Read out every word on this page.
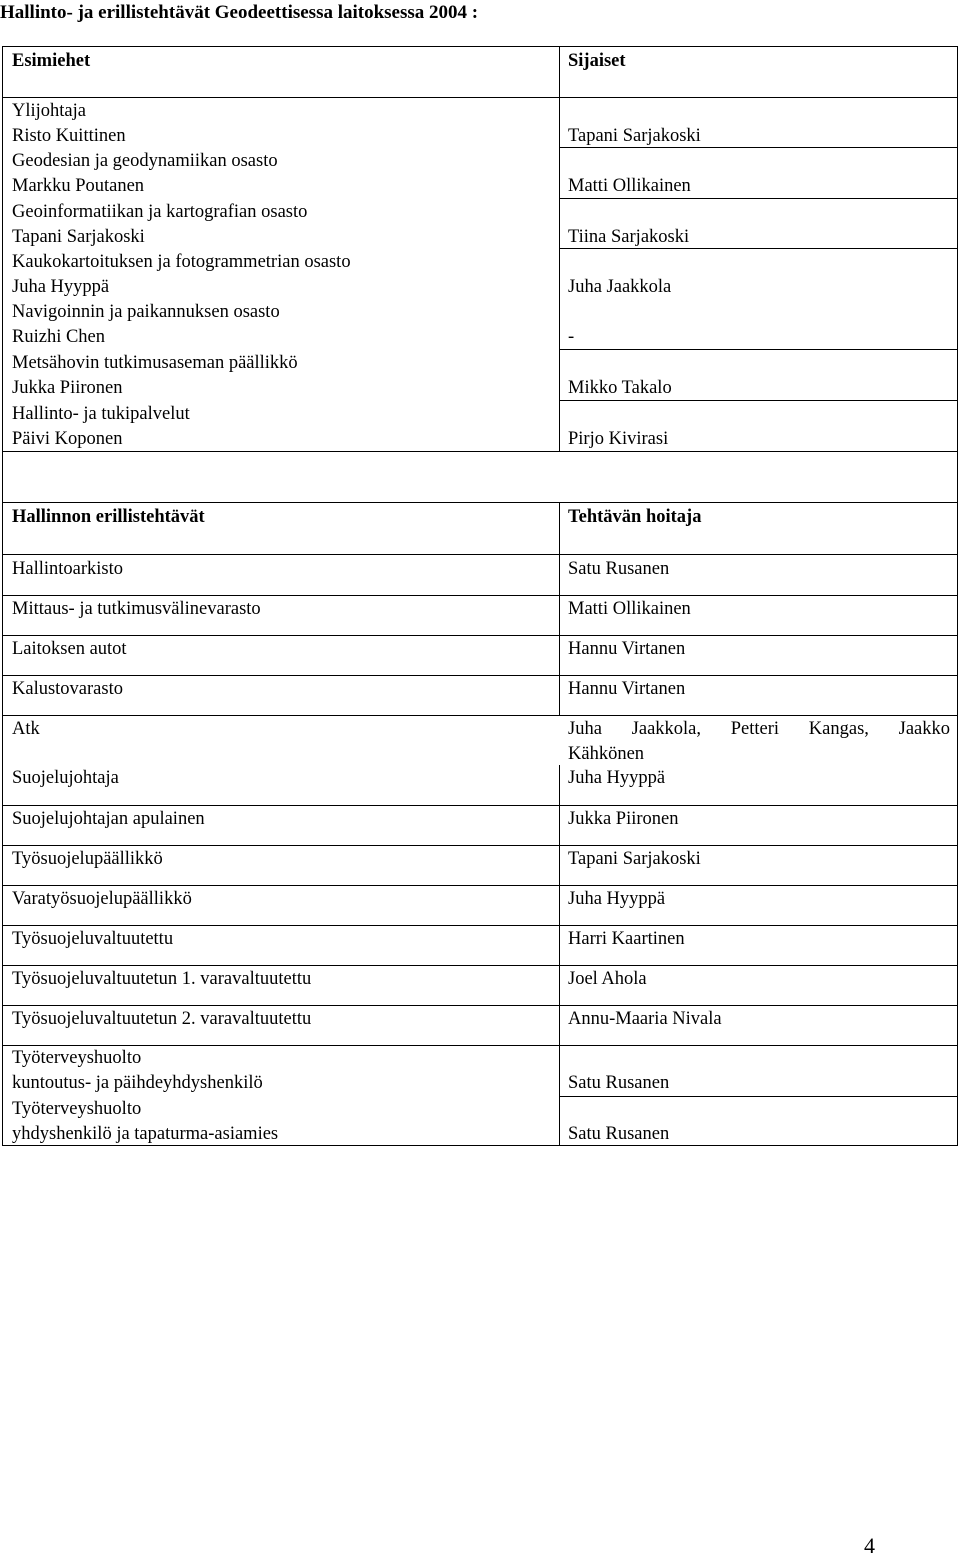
Hallinto- ja erillistehtävät Geodeettisessa laitoksessa 2004 :
Esimiehet	Sijaiset
Ylijohtaja
Risto Kuittinen	Tapani Sarjakoski
Geodesian ja geodynamiikan osasto
Markku Poutanen	Matti Ollikainen
Geoinformatiikan ja kartografian osasto
Tapani Sarjakoski	Tiina Sarjakoski
Kaukokartoituksen ja fotogrammetrian osasto
Juha Hyyppä	Juha Jaakkola
Navigoinnin ja paikannuksen osasto
Ruizhi Chen	-
Metsähovin tutkimusaseman päällikkö
Jukka Piironen	Mikko Takalo
Hallinto- ja tukipalvelut
Päivi Koponen	Pirjo Kivirasi
Hallinnon erillistehtävät	Tehtävän hoitaja
Hallintoarkisto	Satu Rusanen
Mittaus- ja tutkimusvälinevarasto	Matti Ollikainen
Laitoksen autot	Hannu Virtanen
Kalustovarasto	Hannu Virtanen
Atk	Juha Jaakkola, Petteri Kangas, Jaakko
Kähkönen
Suojelujohtaja	Juha Hyyppä
Suojelujohtajan apulainen	Jukka Piironen
Työsuojelupäällikkö	Tapani Sarjakoski
Varatyösuojelupäällikkö	Juha Hyyppä
Työsuojeluvaltuutettu	Harri Kaartinen
Työsuojeluvaltuutetun 1. varavaltuutettu	Joel Ahola
Työsuojeluvaltuutetun 2. varavaltuutettu	Annu-Maaria Nivala
Työterveyshuolto
kuntoutus- ja päihdeyhdyshenkilö	Satu Rusanen
Työterveyshuolto
yhdyshenkilö ja tapaturma-asiamies	Satu Rusanen
4
